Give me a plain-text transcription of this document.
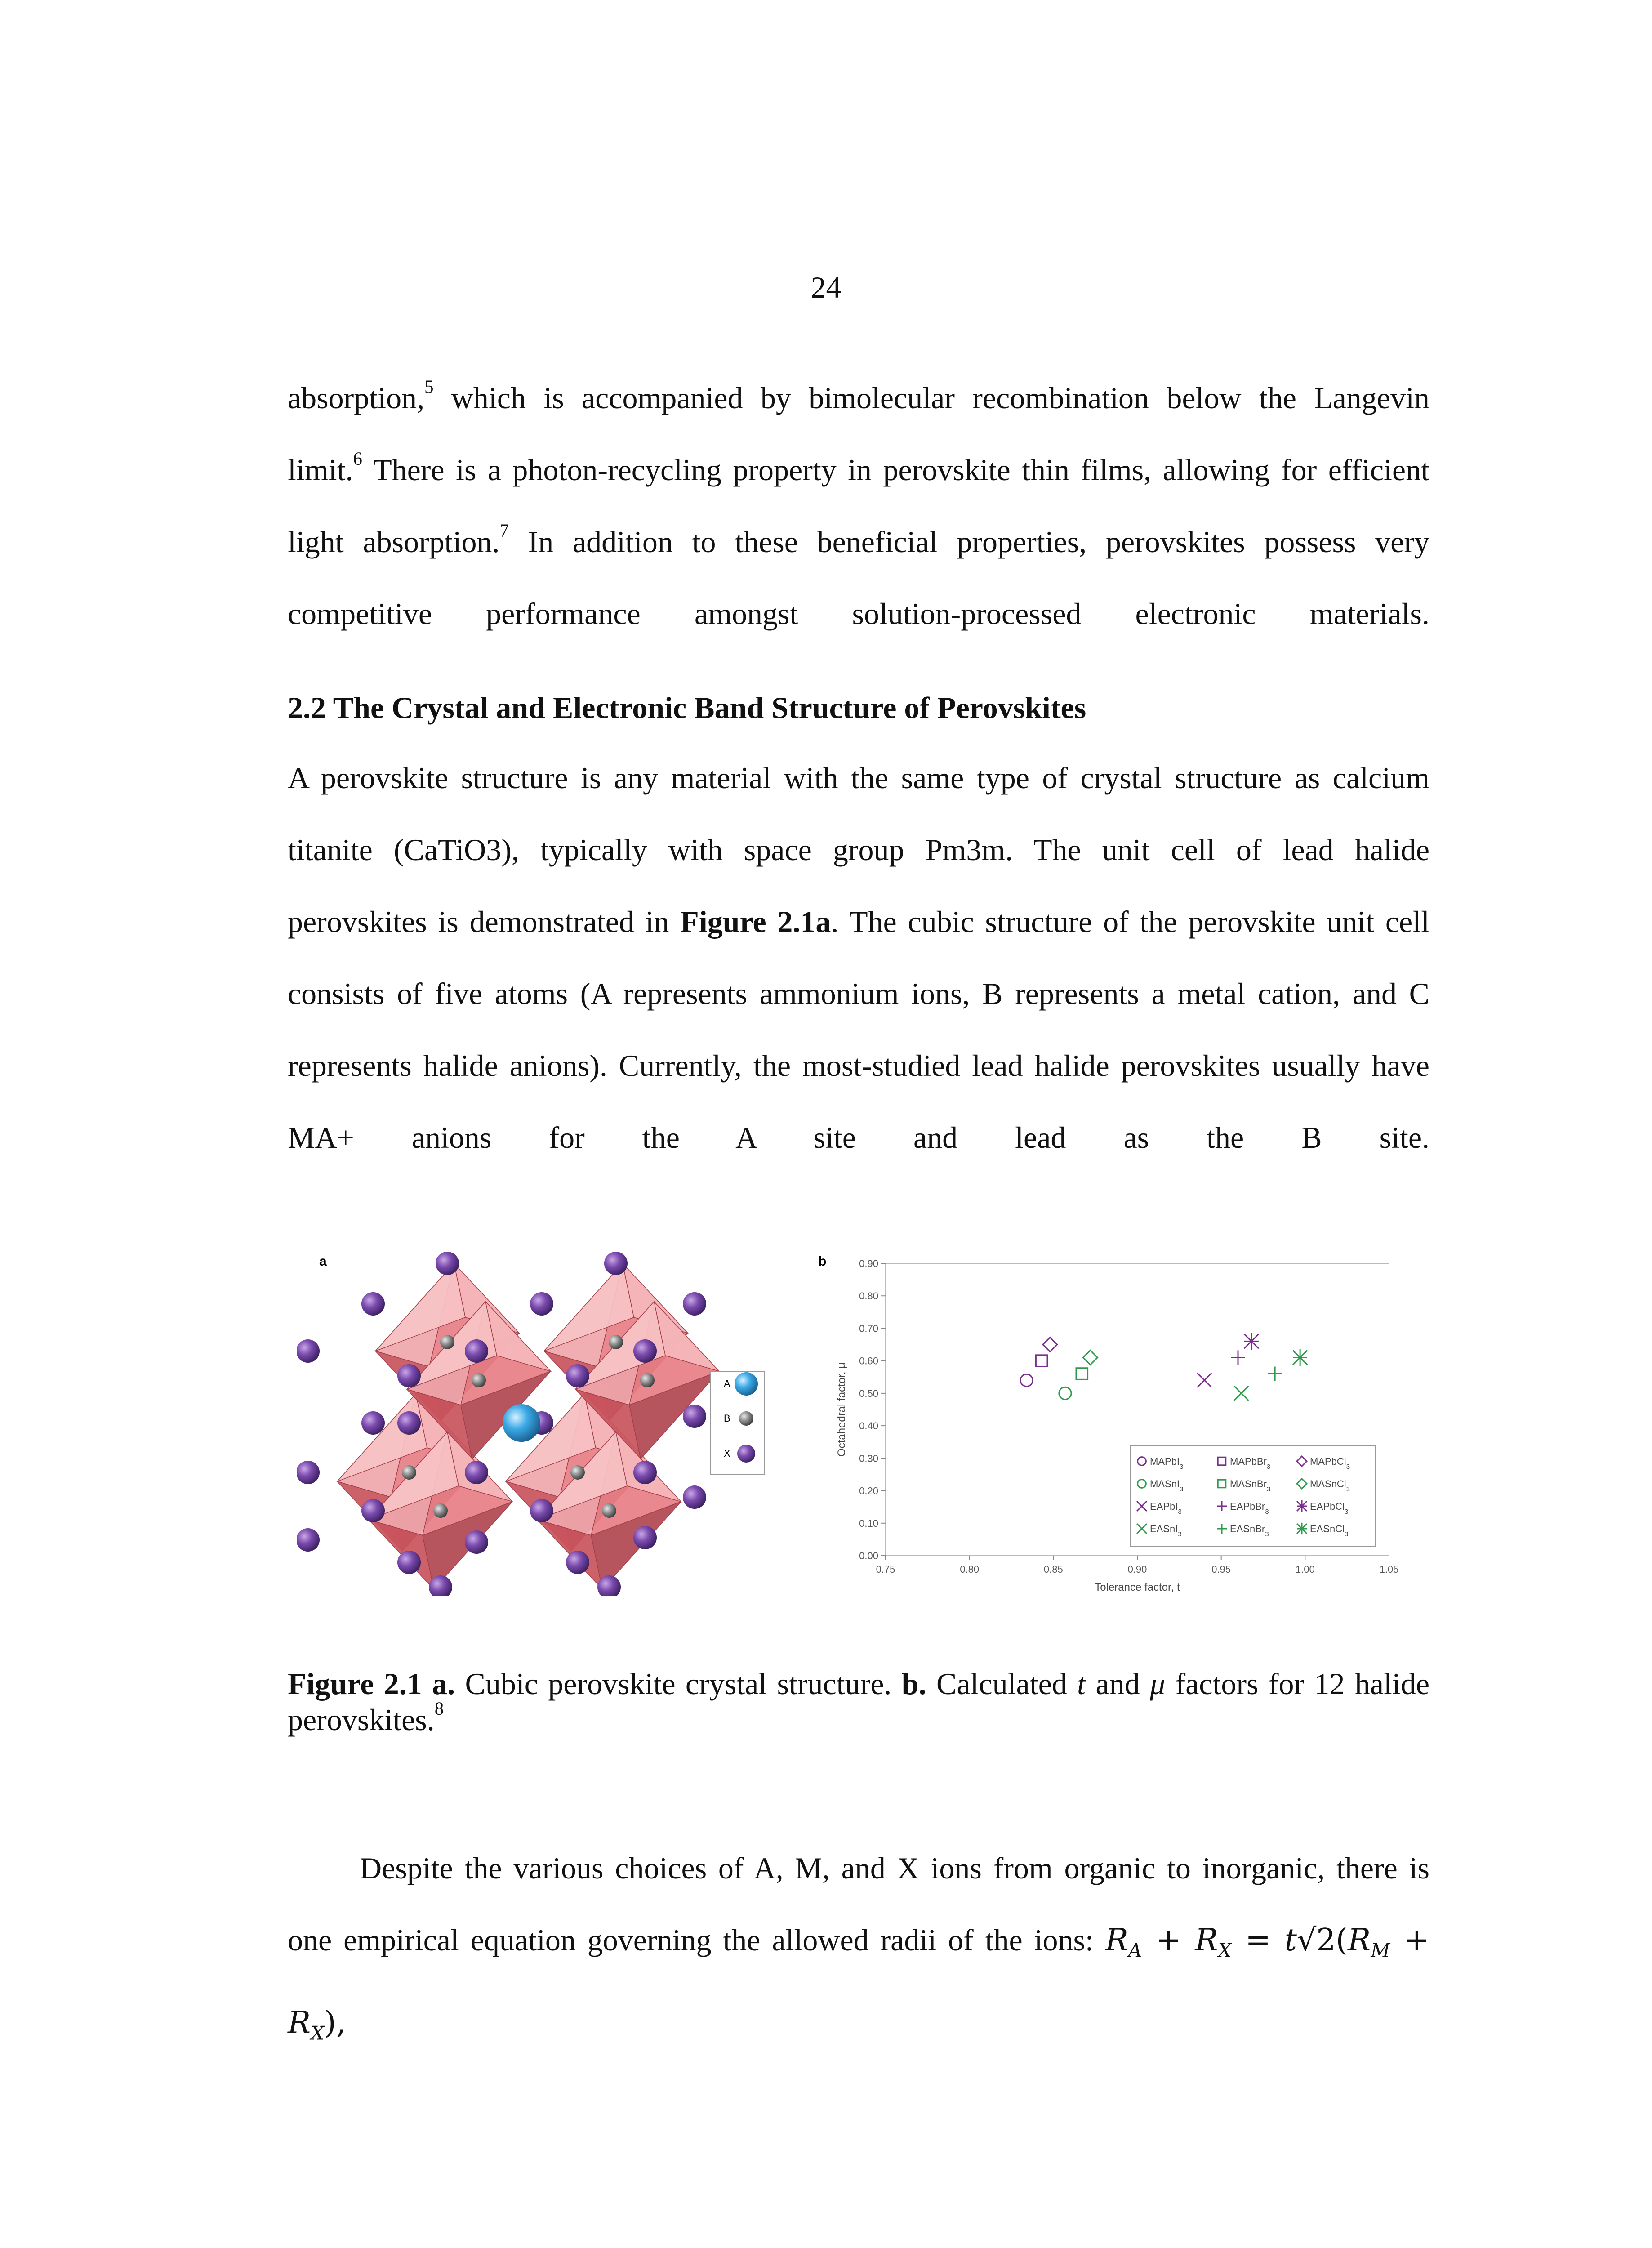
24
absorption,$^5$ which is accompanied by bimolecular recombination below the Langevin
limit.$^6$ There is a photon-recycling property in perovskite thin films, allowing for efficient
light absorption.$^7$ In addition to these beneficial properties, perovskites possess very
competitive performance amongst solution-processed electronic materials.
2.2 The Crystal and Electronic Band Structure of Perovskites
A perovskite structure is any material with the same type of crystal structure as calcium
titanite (CaTiO3), typically with space group Pm3m. The unit cell of lead halide
perovskites is demonstrated in Figure 2.1a. The cubic structure of the perovskite unit cell
consists of five atoms (A represents ammonium ions, B represents a metal cation, and C
represents halide anions). Currently, the most-studied lead halide perovskites usually have
MA+ anions for the A site and lead as the B site.
a
A
B
X
b
Octahedral factor, μ
Tolerance factor, t
0.00
0.10
0.20
0.30
0.40
0.50
0.60
0.70
0.80
0.90
0.75	0.80	0.85	0.90	0.95	1.00	1.05
MAPbI$_3$	MAPbBr$_3$	MAPbCl$_3$
MASnI$_3$	MASnBr$_3$	MASnCl$_3$
EAPbI$_3$	EAPbBr$_3$	EAPbCl$_3$
EASnI$_3$	EASnBr$_3$	EASnCl$_3$
Figure 2.1 a. Cubic perovskite crystal structure. b. Calculated t and μ factors for 12 halide
perovskites.$^8$
Despite the various choices of A, M, and X ions from organic to inorganic, there is
one empirical equation governing the allowed radii of the ions: $R_A + R_X = t√2(R_M + R_X)$,
